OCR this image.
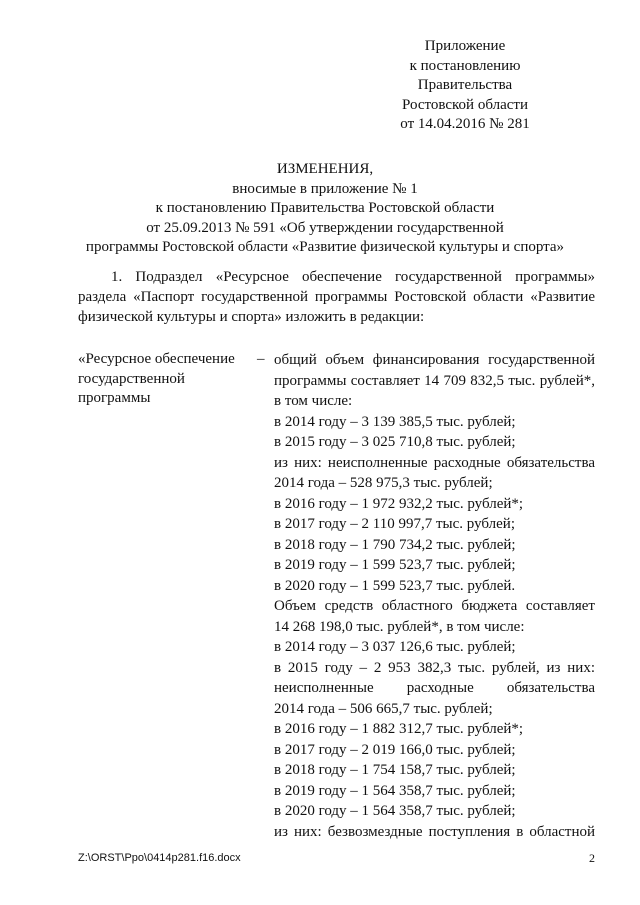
Приложение
к постановлению
Правительства
Ростовской области
от 14.04.2016 № 281
ИЗМЕНЕНИЯ,
вносимые в приложение № 1
к постановлению Правительства Ростовской области
от 25.09.2013 № 591 «Об утверждении государственной
программы Ростовской области «Развитие физической культуры и спорта»
1. Подраздел «Ресурсное обеспечение государственной программы»
раздела «Паспорт государственной программы Ростовской области «Развитие
физической культуры и спорта» изложить в редакции:
«Ресурсное обеспечение
государственной
программы
– общий объем финансирования государственной
программы составляет 14 709 832,5 тыс. рублей*,
в том числе:
в 2014 году – 3 139 385,5 тыс. рублей;
в 2015 году – 3 025 710,8 тыс. рублей;
из них: неисполненные расходные обязательства
2014 года – 528 975,3 тыс. рублей;
в 2016 году – 1 972 932,2 тыс. рублей*;
в 2017 году – 2 110 997,7 тыс. рублей;
в 2018 году – 1 790 734,2 тыс. рублей;
в 2019 году – 1 599 523,7 тыс. рублей;
в 2020 году – 1 599 523,7 тыс. рублей.
Объем средств областного бюджета составляет
14 268 198,0 тыс. рублей*, в том числе:
в 2014 году – 3 037 126,6 тыс. рублей;
в 2015 году – 2 953 382,3 тыс. рублей, из них:
неисполненные расходные обязательства
2014 года – 506 665,7 тыс. рублей;
в 2016 году – 1 882 312,7 тыс. рублей*;
в 2017 году – 2 019 166,0 тыс. рублей;
в 2018 году – 1 754 158,7 тыс. рублей;
в 2019 году – 1 564 358,7 тыс. рублей;
в 2020 году – 1 564 358,7 тыс. рублей;
из них: безвозмездные поступления в областной
Z:\ORST\Ppo\0414p281.f16.docx	2
